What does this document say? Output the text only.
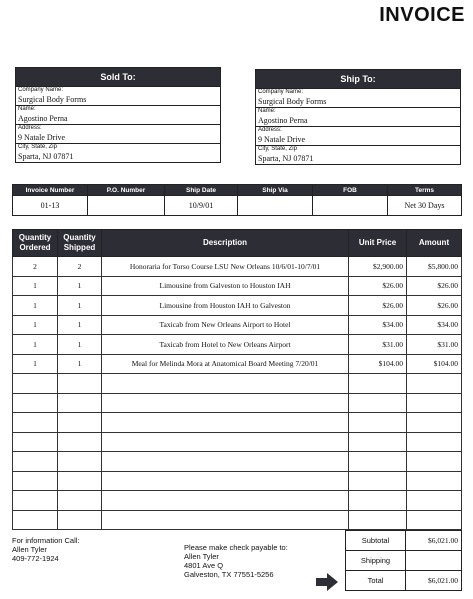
INVOICE
Sold To:
Company Name:
Surgical Body Forms
Name:
Agostino Perna
Address:
9 Natale Drive
City, State, Zip
Sparta, NJ 07871
Ship To:
Company Name:
Surgical Body Forms
Name:
Agostino Perna
Address:
9 Natale Drive
City, State, Zip
Sparta, NJ 07871
Invoice Number	P.O. Number	Ship Date	Ship Via	FOB	Terms
01-13		10/9/01			Net 30 Days
Quantity Ordered	Quantity Shipped	Description	Unit Price	Amount
2	2	Honoraria for Torso Course LSU New Orleans 10/6/01-10/7/01	$2,900.00	$5,800.00
1	1	Limousine from Galveston to Houston IAH	$26.00	$26.00
1	1	Limousine from Houston IAH to Galveston	$26.00	$26.00
1	1	Taxicab from New Orleans Airport to Hotel	$34.00	$34.00
1	1	Taxicab from Hotel to New Orleans Airport	$31.00	$31.00
1	1	Meal for Melinda Mora at Anatomical Board Meeting 7/20/01	$104.00	$104.00

For information Call:
Allen Tyler
409-772-1924
Please make check payable to:
Allen Tyler
4801 Ave Q
Galveston, TX 77551-5256
Subtotal	$6,021.00
Shipping	
Total	$6,021.00
